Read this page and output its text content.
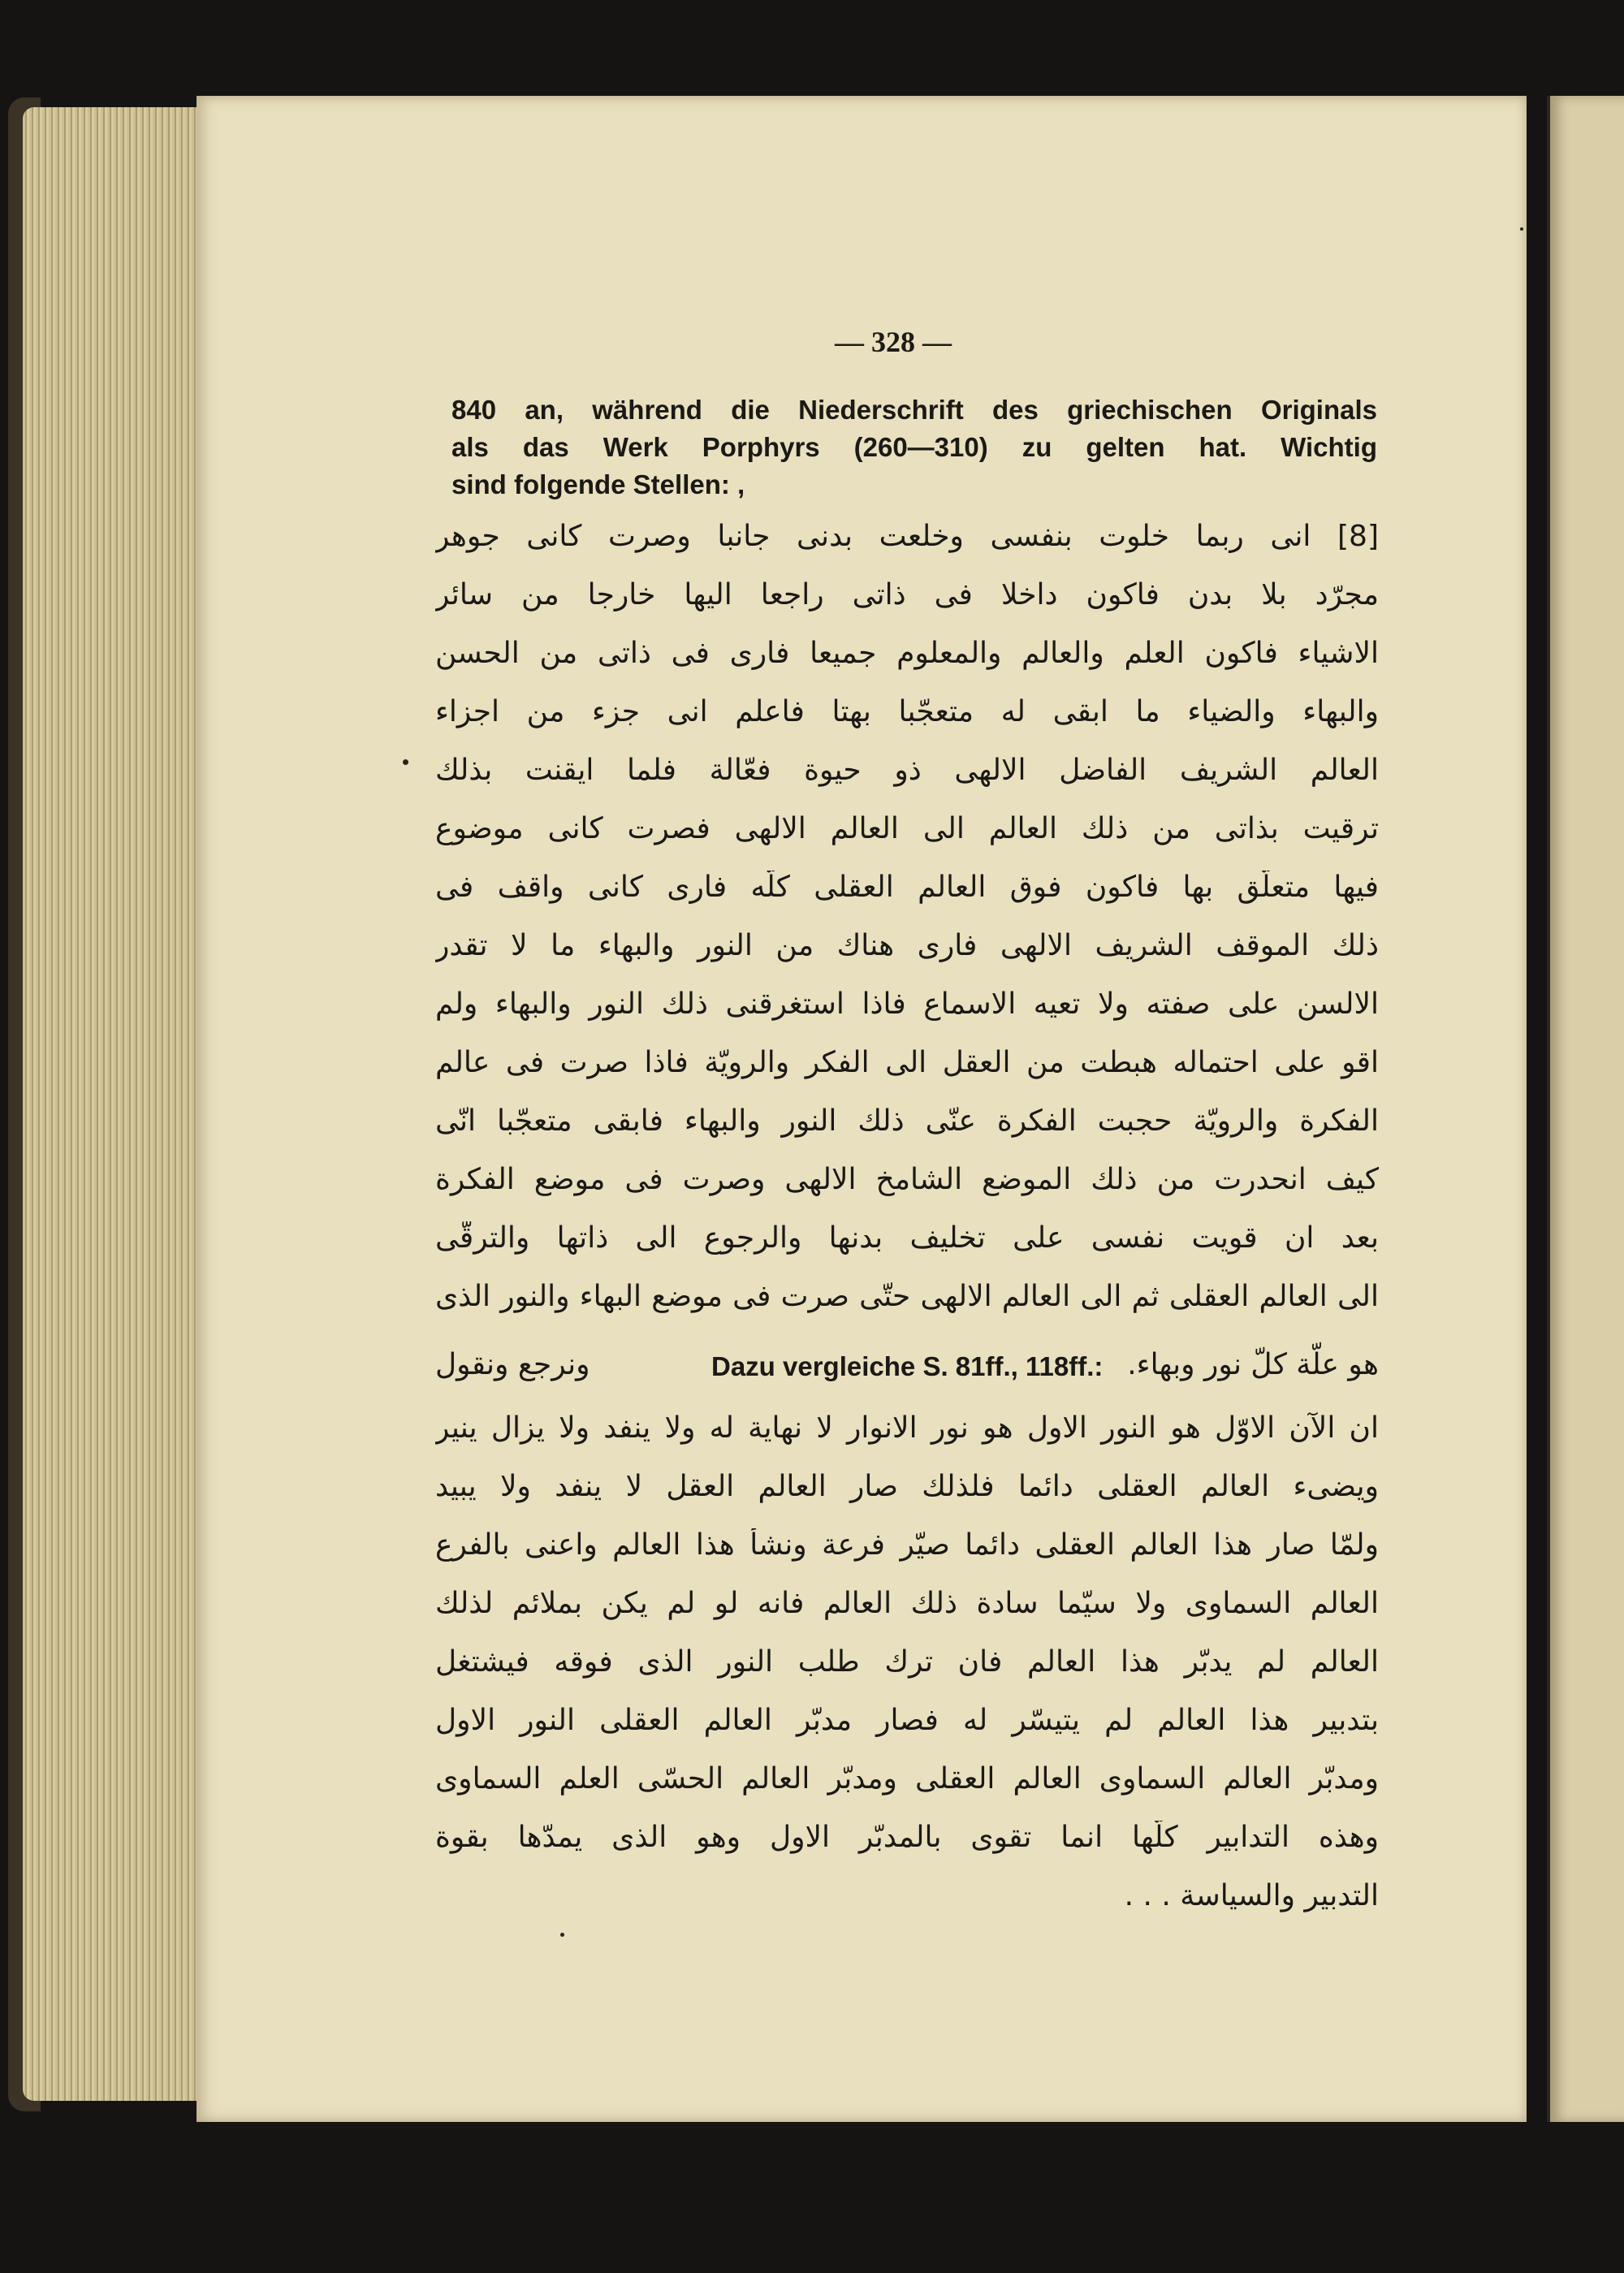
— 328 —

840 an, während die Niederschrift des griechischen Originals

als das Werk Porphyrs (260—310) zu gelten hat. Wichtig

sind folgende Stellen: ,

[8] انى ربما خلوت بنفسى وخلعت بدنى جانبا وصرت كانى جوهر

مجرّد بلا بدن فاكون داخلا فى ذاتى راجعا اليها خارجا من سائر

الاشياء فاكون العلم والعالم والمعلوم جميعا فارى فى ذاتى من الحسن

والبهاء والضياء ما ابقى له متعجّبا بهتا فاعلم انى جزء من اجزاء

العالم الشريف الفاضل الالهى ذو حيوة فعّالة فلما ايقنت بذلك

ترقيت بذاتى من ذلك العالم الى العالم الالهى فصرت كانى موضوع

فيها متعلّق بها فاكون فوق العالم العقلى كلّه فارى كانى واقف فى

ذلك الموقف الشريف الالهى فارى هناك من النور والبهاء ما لا تقدر

الالسن على صفته ولا تعيه الاسماع فاذا استغرقنى ذلك النور والبهاء ولم

اقو على احتماله هبطت من العقل الى الفكر والرويّة فاذا صرت فى عالم

الفكرة والرويّة حجبت الفكرة عنّى ذلك النور والبهاء فابقى متعجّبا انّى

كيف انحدرت من ذلك الموضع الشامخ الالهى وصرت فى موضع الفكرة

بعد ان قويت نفسى على تخليف بدنها والرجوع الى ذاتها والترقّى

الى العالم العقلى ثم الى العالم الالهى حتّى صرت فى موضع البهاء والنور الذى

هو علّة كلّ نور وبهاء.
Dazu vergleiche S. 81ff., 118ff.:
ونرجع ونقول

ان الآن الاوّل هو النور الاول هو نور الانوار لا نهاية له ولا ينفد ولا يزال ينير

ويضىء العالم العقلى دائما فلذلك صار العالم العقل لا ينفد ولا يبيد

ولمّا صار هذا العالم العقلى دائما صيّر فرعة ونشأ هذا العالم واعنى بالفرع

العالم السماوى ولا سيّما سادة ذلك العالم فانه لو لم يكن بملائم لذلك

العالم لم يدبّر هذا العالم فان ترك طلب النور الذى فوقه فيشتغل

بتدبير هذا العالم لم يتيسّر له فصار مدبّر العالم العقلى النور الاول

ومدبّر العالم السماوى العالم العقلى ومدبّر العالم الحسّى العلم السماوى

وهذه التدابير كلّها انما تقوى بالمدبّر الاول وهو الذى يمدّها بقوة

التدبير والسياسة . . .
